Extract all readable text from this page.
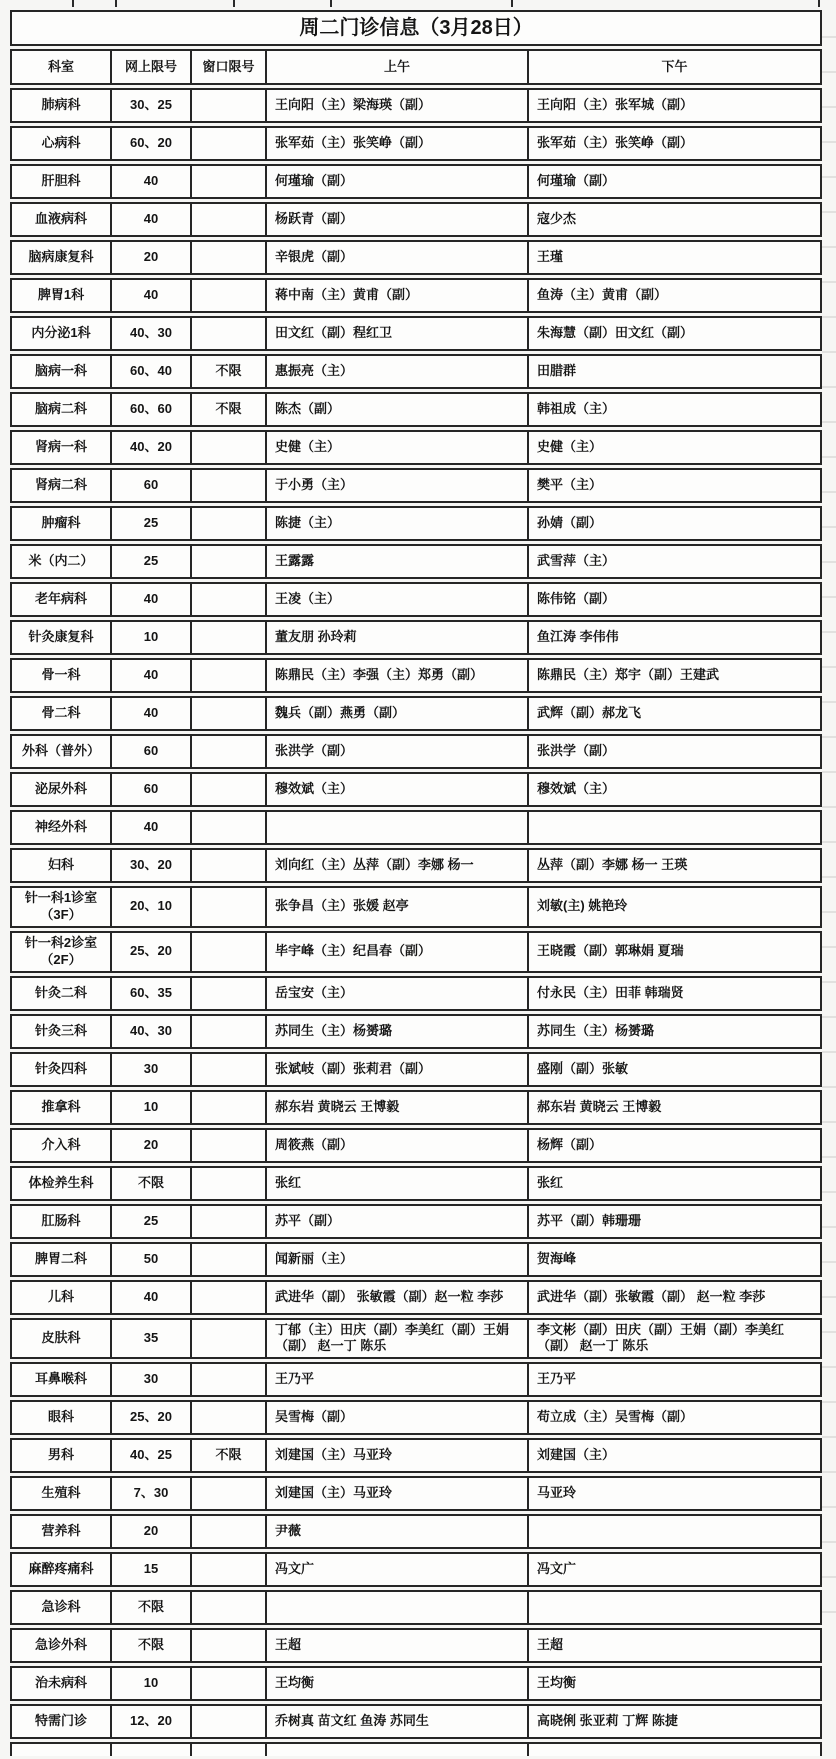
周二门诊信息（3月28日）				
科室	网上限号	窗口限号	上午	下午
肺病科	30、25		王向阳（主）梁海瑛（副）	王向阳（主）张军城（副）
心病科	60、20		张军茹（主）张笑峥（副）	张军茹（主）张笑峥（副）
肝胆科	40		何瑾瑜（副）	何瑾瑜（副）
血液病科	40		杨跃青（副）	寇少杰
脑病康复科	20		辛银虎（副）	王瑾
脾胃1科	40		蒋中南（主）黄甫（副）	鱼涛（主）黄甫（副）
内分泌1科	40、30		田文红（副）程红卫	朱海慧（副）田文红（副）
脑病一科	60、40	不限	惠振亮（主）	田腊群
脑病二科	60、60	不限	陈杰（副）	韩祖成（主）
肾病一科	40、20		史健（主）	史健（主）
肾病二科	60		于小勇（主）	樊平（主）
肿瘤科	25		陈捷（主）	孙婧（副）
米（内二）	25		王露露	武雪萍（主）
老年病科	40		王凌（主）	陈伟铭（副）
针灸康复科	10		董友朋 孙玲莉	鱼江涛 李伟伟
骨一科	40		陈鼎民（主）李强（主）郑勇（副）	陈鼎民（主）郑宇（副）王建武
骨二科	40		魏兵（副）燕勇（副）	武辉（副）郝龙飞
外科（普外）	60		张洪学（副）	张洪学（副）
泌尿外科	60		穆效斌（主）	穆效斌（主）
神经外科	40			
妇科	30、20		刘向红（主）丛萍（副）李娜 杨一	丛萍（副）李娜 杨一 王瑛
针一科1诊室（3F）	20、10		张争昌（主）张媛 赵亭	刘敏(主) 姚艳玲
针一科2诊室（2F）	25、20		毕宇峰（主）纪昌春（副）	王晓霞（副）郭琳娟 夏瑞
针灸二科	60、35		岳宝安（主）	付永民（主）田菲 韩瑞贤
针灸三科	40、30		苏同生（主）杨赟璐	苏同生（主）杨赟璐
针灸四科	30		张斌岐（副）张莉君（副）	盛刚（副）张敏
推拿科	10		郝东岩 黄晓云 王博毅	郝东岩 黄晓云 王博毅
介入科	20		周筱燕（副）	杨辉（副）
体检养生科	不限		张红	张红
肛肠科	25		苏平（副）	苏平（副）韩珊珊
脾胃二科	50		闻新丽（主）	贺海峰
儿科	40		武进华（副） 张敏霞（副）赵一粒 李莎	武进华（副）张敏霞（副） 赵一粒 李莎
皮肤科	35		丁郁（主）田庆（副）李美红（副）王娟（副） 赵一丁 陈乐	李文彬（副）田庆（副）王娟（副）李美红（副） 赵一丁 陈乐
耳鼻喉科	30		王乃平	王乃平
眼科	25、20		吴雪梅（副）	苟立成（主）吴雪梅（副）
男科	40、25	不限	刘建国（主）马亚玲	刘建国（主）
生殖科	7、30		刘建国（主）马亚玲	马亚玲
营养科	20		尹薇	
麻醉疼痛科	15		冯文广	冯文广
急诊科	不限			
急诊外科	不限		王超	王超
治未病科	10		王均衡	王均衡
特需门诊	12、20		乔树真 苗文红 鱼涛 苏同生	高晓俐 张亚莉 丁辉 陈捷
